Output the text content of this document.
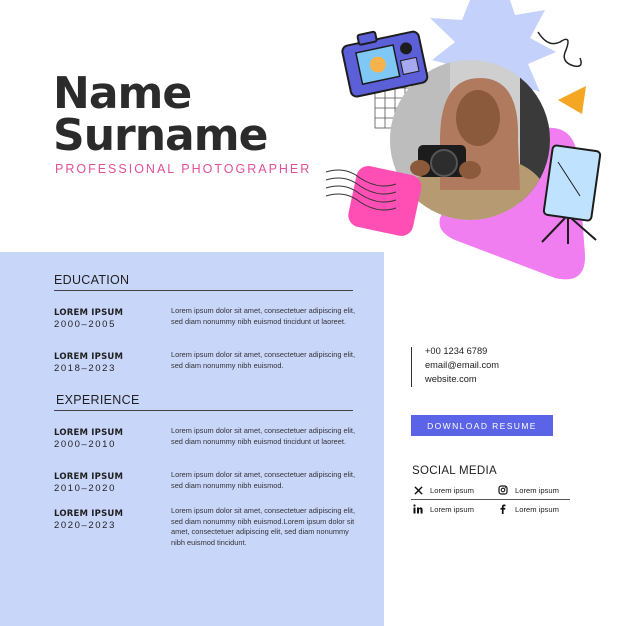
Name
Surname
PROFESSIONAL PHOTOGRAPHER
EDUCATION
LOREM IPSUM
2000–2005
Lorem ipsum dolor sit amet, consectetuer adipiscing elit, sed diam nonummy nibh euismod tincidunt ut laoreet.
LOREM IPSUM
2018–2023
Lorem ipsum dolor sit amet, consectetuer adipiscing elit, sed diam nonummy nibh euismod.
EXPERIENCE
LOREM IPSUM
2000–2010
Lorem ipsum dolor sit amet, consectetuer adipiscing elit, sed diam nonummy nibh euismod tincidunt ut laoreet.
LOREM IPSUM
2010–2020
Lorem ipsum dolor sit amet, consectetuer adipiscing elit, sed diam nonummy nibh euismod.
LOREM IPSUM
2020–2023
Lorem ipsum dolor sit amet, consectetuer adipiscing elit, sed diam nonummy nibh euismod.Lorem ipsum dolor sit amet, consectetuer adipiscing elit, sed diam nonummy nibh euismod tincidunt.
+00 1234 6789
email@email.com
website.com
DOWNLOAD RESUME
SOCIAL MEDIA
Lorem ipsum	Lorem ipsum
Lorem ipsum	Lorem ipsum
